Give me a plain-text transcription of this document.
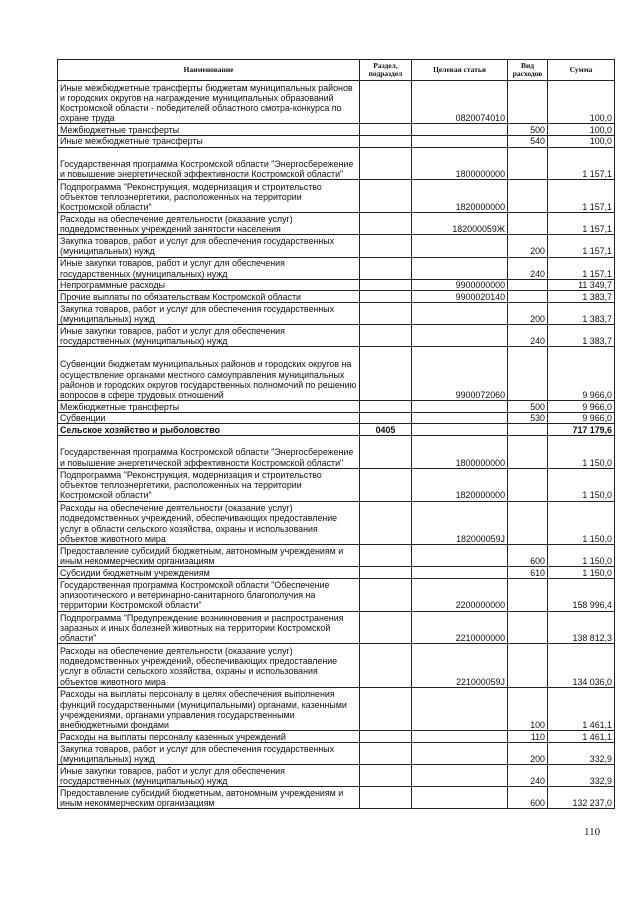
Наименование	Раздел, подраздел	Целевая статья	Вид расходов	Сумма
Иные межбюджетные трансферты бюджетам муниципальных районов и городских округов на награждение муниципальных образований Костромской области - победителей областного смотра-конкурса по охране труда		0820074010		100,0
Межбюджетные трансферты			500	100,0
Иные межбюджетные трансферты			540	100,0
Государственная программа Костромской области "Энергосбережение и повышение энергетической эффективности Костромской области"		1800000000		1 157,1
Подпрограмма "Реконструкция, модернизация и строительство объектов теплоэнергетики, расположенных на территории Костромской области"		1820000000		1 157,1
Расходы на обеспечение деятельности (оказание услуг) подведомственных учреждений занятости населения		182000059Ж		1 157,1
Закупка товаров, работ и услуг для обеспечения государственных (муниципальных) нужд			200	1 157,1
Иные закупки товаров, работ и услуг для обеспечения государственных (муниципальных) нужд			240	1 157,1
Непрограммные расходы		9900000000		11 349,7
Прочие выплаты по обязательствам Костромской области		9900020140		1 383,7
Закупка товаров, работ и услуг для обеспечения государственных (муниципальных) нужд			200	1 383,7
Иные закупки товаров, работ и услуг для обеспечения государственных (муниципальных) нужд			240	1 383,7
Субвенции бюджетам муниципальных районов и городских округов на осуществление органами местного самоуправления муниципальных районов и городских округов государственных полномочий по решению вопросов в сфере трудовых отношений		9900072060		9 966,0
Межбюджетные трансферты			500	9 966,0
Субвенции			530	9 966,0
Сельское хозяйство и рыболовство	0405			717 179,6
Государственная программа Костромской области "Энергосбережение и повышение энергетической эффективности Костромской области"		1800000000		1 150,0
Подпрограмма "Реконструкция, модернизация и строительство объектов теплоэнергетики, расположенных на территории Костромской области"		1820000000		1 150,0
Расходы на обеспечение деятельности (оказание услуг) подведомственных учреждений, обеспечивающих предоставление услуг в области сельского хозяйства, охраны и использования объектов животного мира		182000059J		1 150,0
Предоставление субсидий бюджетным, автономным учреждениям и иным некоммерческим организациям			600	1 150,0
Субсидии бюджетным учреждениям			610	1 150,0
Государственная программа Костромской области "Обеспечение эпизоотического и ветеринарно-санитарного благополучия на территории Костромской области"		2200000000		158 996,4
Подпрограмма "Предупреждение возникновения и распространения заразных и иных болезней животных на территории Костромской области"		2210000000		138 812,3
Расходы на обеспечение деятельности (оказание услуг) подведомственных учреждений, обеспечивающих предоставление услуг в области сельского хозяйства, охраны и использования объектов животного мира		221000059J		134 036,0
Расходы на выплаты персоналу в целях обеспечения выполнения функций государственными (муниципальными) органами, казенными учреждениями, органами управления государственными внебюджетными фондами			100	1 461,1
Расходы на выплаты персоналу казенных учреждений			110	1 461,1
Закупка товаров, работ и услуг для обеспечения государственных (муниципальных) нужд			200	332,9
Иные закупки товаров, работ и услуг для обеспечения государственных (муниципальных) нужд			240	332,9
Предоставление субсидий бюджетным, автономным учреждениям и иным некоммерческим организациям			600	132 237,0
110
